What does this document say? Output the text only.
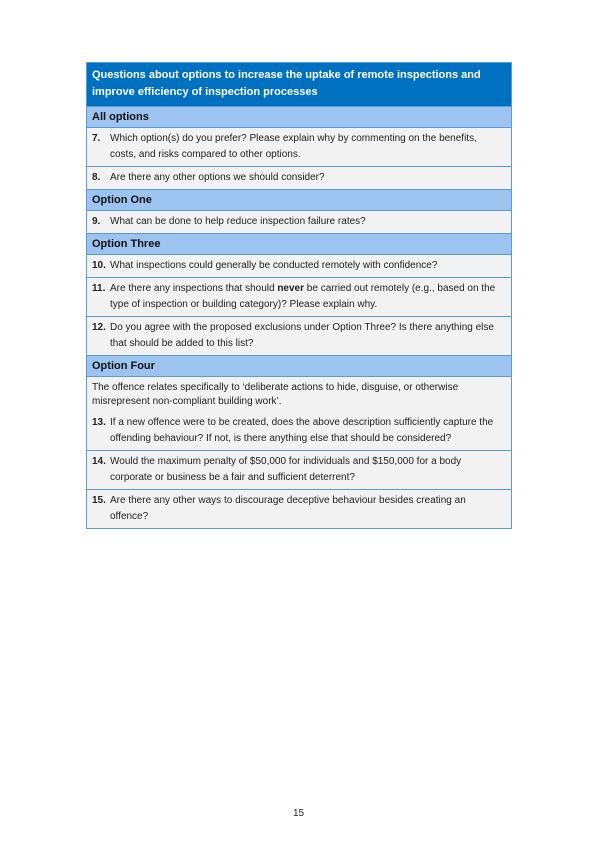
Questions about options to increase the uptake of remote inspections and improve efficiency of inspection processes
All options
7. Which option(s) do you prefer? Please explain why by commenting on the benefits, costs, and risks compared to other options.
8. Are there any other options we should consider?
Option One
9. What can be done to help reduce inspection failure rates?
Option Three
10. What inspections could generally be conducted remotely with confidence?
11. Are there any inspections that should never be carried out remotely (e.g., based on the type of inspection or building category)? Please explain why.
12. Do you agree with the proposed exclusions under Option Three? Is there anything else that should be added to this list?
Option Four
The offence relates specifically to ‘deliberate actions to hide, disguise, or otherwise misrepresent non-compliant building work’.
13. If a new offence were to be created, does the above description sufficiently capture the offending behaviour? If not, is there anything else that should be considered?
14. Would the maximum penalty of $50,000 for individuals and $150,000 for a body corporate or business be a fair and sufficient deterrent?
15. Are there any other ways to discourage deceptive behaviour besides creating an offence?
15
